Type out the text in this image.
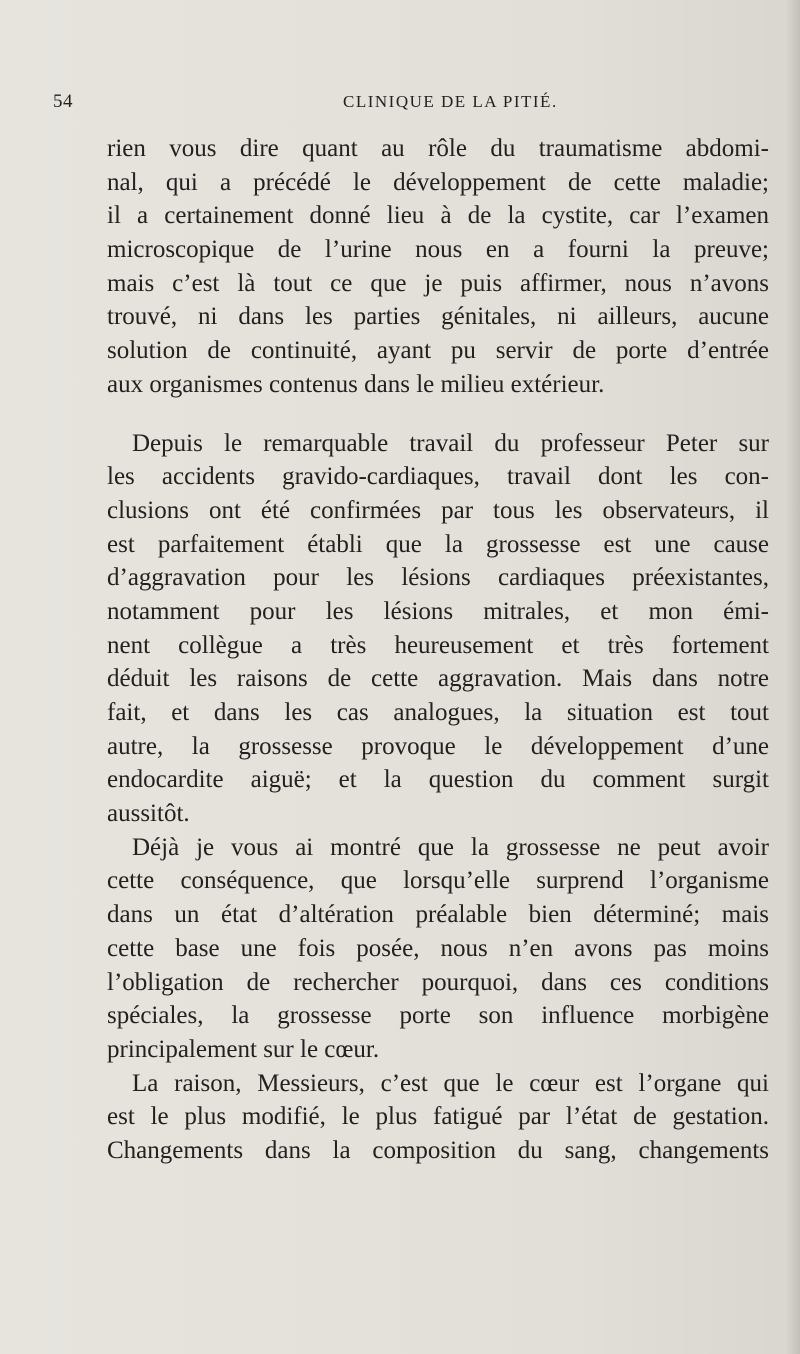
54	CLINIQUE DE LA PITIÉ.
rien vous dire quant au rôle du traumatisme abdomi-
nal, qui a précédé le développement de cette maladie;
il a certainement donné lieu à de la cystite, car l’examen
microscopique de l’urine nous en a fourni la preuve;
mais c’est là tout ce que je puis affirmer, nous n’avons
trouvé, ni dans les parties génitales, ni ailleurs, aucune
solution de continuité, ayant pu servir de porte d’entrée
aux organismes contenus dans le milieu extérieur.
Depuis le remarquable travail du professeur Peter sur
les accidents gravido-cardiaques, travail dont les con-
clusions ont été confirmées par tous les observateurs, il
est parfaitement établi que la grossesse est une cause
d’aggravation pour les lésions cardiaques préexistantes,
notamment pour les lésions mitrales, et mon émi-
nent collègue a très heureusement et très fortement
déduit les raisons de cette aggravation. Mais dans notre
fait, et dans les cas analogues, la situation est tout
autre, la grossesse provoque le développement d’une
endocardite aiguë; et la question du comment surgit
aussitôt.
Déjà je vous ai montré que la grossesse ne peut avoir
cette conséquence, que lorsqu’elle surprend l’organisme
dans un état d’altération préalable bien déterminé; mais
cette base une fois posée, nous n’en avons pas moins
l’obligation de rechercher pourquoi, dans ces conditions
spéciales, la grossesse porte son influence morbigène
principalement sur le cœur.
La raison, Messieurs, c’est que le cœur est l’organe qui
est le plus modifié, le plus fatigué par l’état de gestation.
Changements dans la composition du sang, changements
